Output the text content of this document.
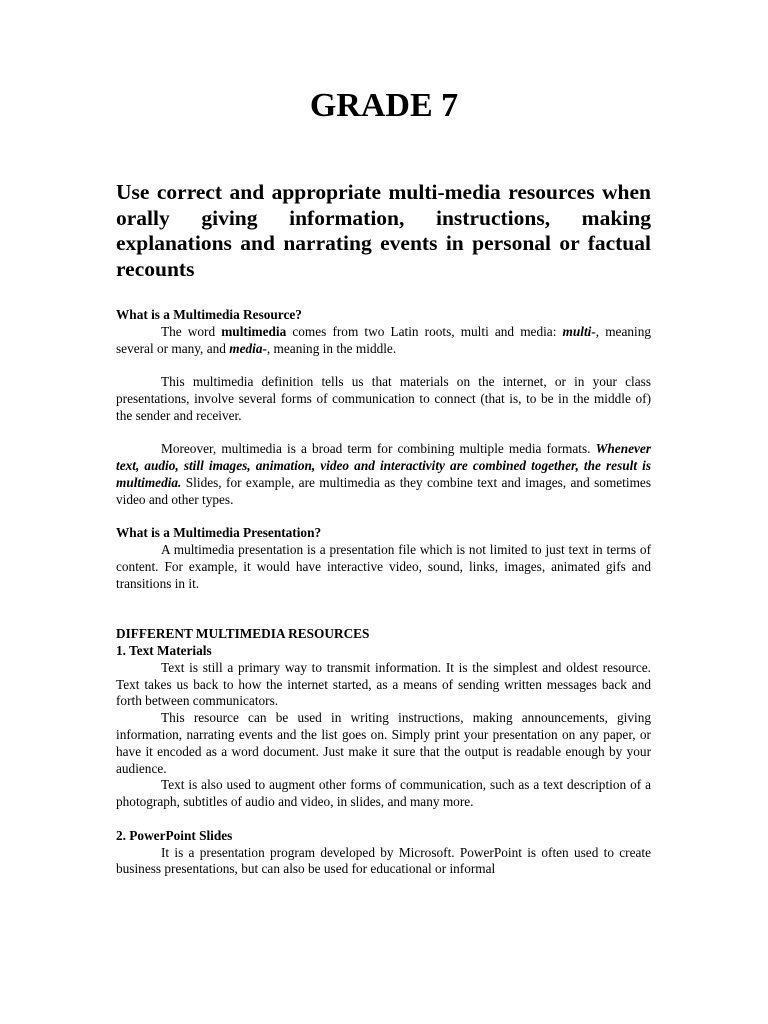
GRADE 7
Use correct and appropriate multi-media resources when orally giving information, instructions, making explanations and narrating events in personal or factual recounts

What is a Multimedia Resource?

The word multimedia comes from two Latin roots, multi and media: multi-, meaning several or many, and media-, meaning in the middle.

This multimedia definition tells us that materials on the internet, or in your class presentations, involve several forms of communication to connect (that is, to be in the middle of) the sender and receiver.

Moreover, multimedia is a broad term for combining multiple media formats. Whenever text, audio, still images, animation, video and interactivity are combined together, the result is multimedia. Slides, for example, are multimedia as they combine text and images, and sometimes video and other types.

What is a Multimedia Presentation?

A multimedia presentation is a presentation file which is not limited to just text in terms of content. For example, it would have interactive video, sound, links, images, animated gifs and transitions in it.

DIFFERENT MULTIMEDIA RESOURCES

1. Text Materials

Text is still a primary way to transmit information. It is the simplest and oldest resource. Text takes us back to how the internet started, as a means of sending written messages back and forth between communicators.

This resource can be used in writing instructions, making announcements, giving information, narrating events and the list goes on. Simply print your presentation on any paper, or have it encoded as a word document. Just make it sure that the output is readable enough by your audience.

Text is also used to augment other forms of communication, such as a text description of a photograph, subtitles of audio and video, in slides, and many more.

2. PowerPoint Slides

It is a presentation program developed by Microsoft. PowerPoint is often used to create business presentations, but can also be used for educational or informal
